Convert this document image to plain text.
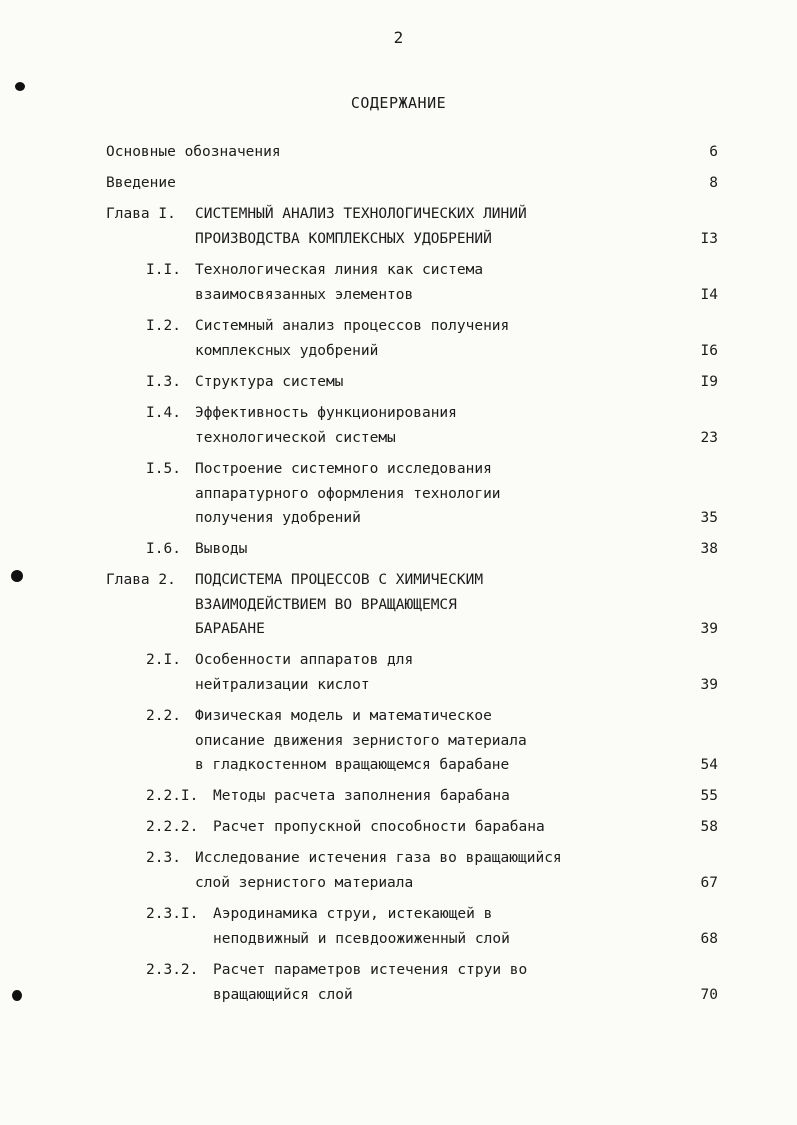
2
СОДЕРЖАНИЕ
Основные обозначения	6
Введение	8
Глава I. СИСТЕМНЫЙ АНАЛИЗ ТЕХНОЛОГИЧЕСКИХ ЛИНИЙ
ПРОИЗВОДСТВА КОМПЛЕКСНЫХ УДОБРЕНИЙ	I3
I.I. Технологическая линия как система
взаимосвязанных элементов	I4
I.2. Системный анализ процессов получения
комплексных удобрений	I6
I.3. Структура системы	I9
I.4. Эффективность функционирования
технологической системы	23
I.5. Построение системного исследования
аппаратурного оформления технологии
получения удобрений	35
I.6. Выводы	38
Глава 2. ПОДСИСТЕМА ПРОЦЕССОВ С ХИМИЧЕСКИМ
ВЗАИМОДЕЙСТВИЕМ ВО ВРАЩАЮЩЕМСЯ
БАРАБАНЕ	39
2.I. Особенности аппаратов для
нейтрализации кислот	39
2.2. Физическая модель и математическое
описание движения зернистого материала
в гладкостенном вращающемся барабане	54
2.2.I. Методы расчета заполнения барабана	55
2.2.2. Расчет пропускной способности барабана	58
2.3. Исследование истечения газа во вращающийся
слой зернистого материала	67
2.3.I. Аэродинамика струи, истекающей в
неподвижный и псевдоожиженный слой	68
2.3.2. Расчет параметров истечения струи во
вращающийся слой	70
